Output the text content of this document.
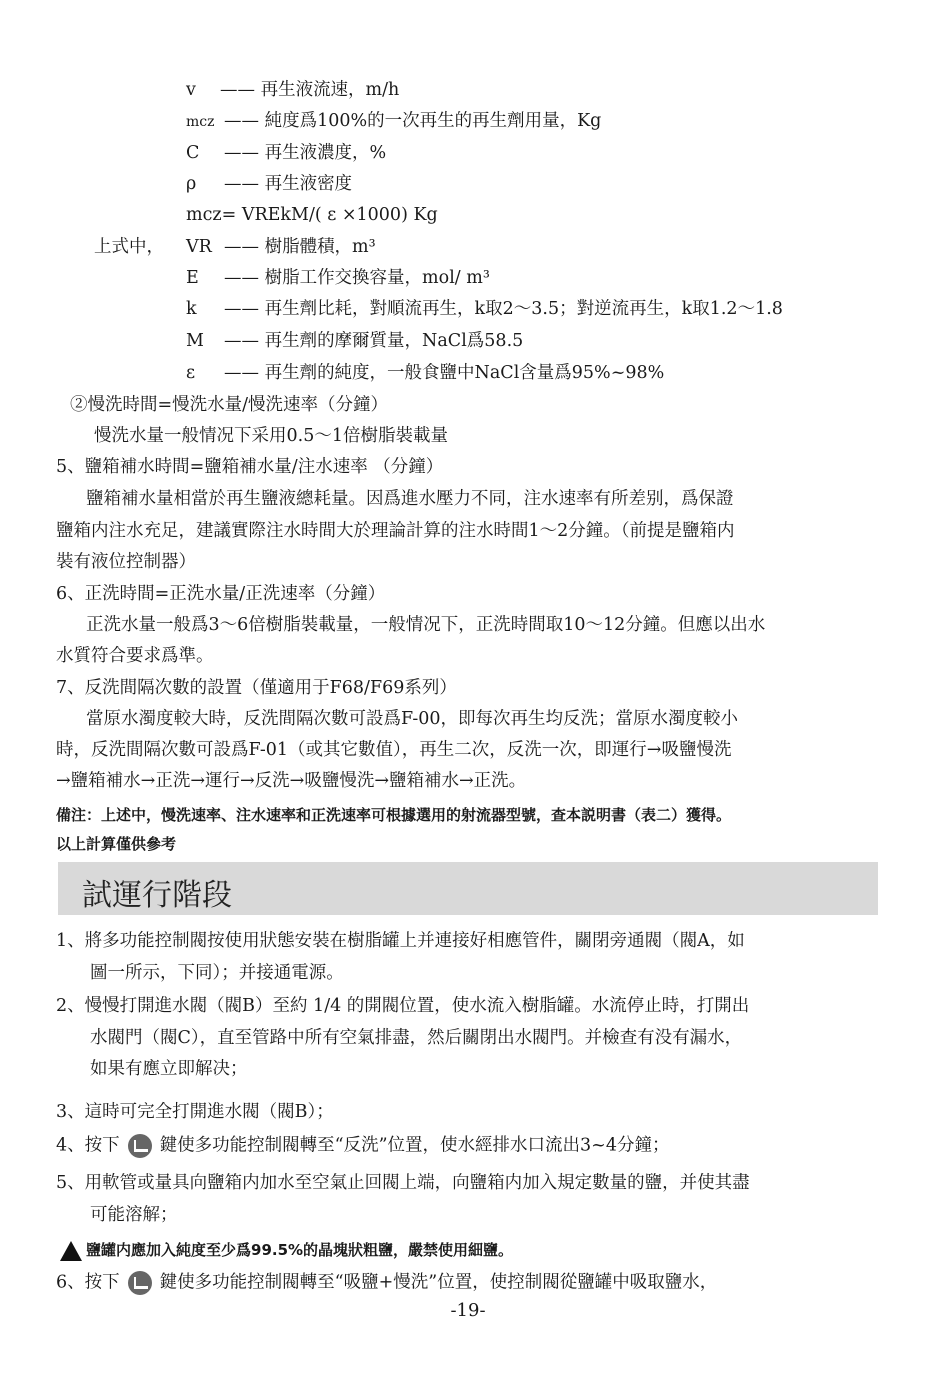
v —— 再生液流速，m/h
mcz —— 純度爲100%的一次再生的再生劑用量，Kg
C —— 再生液濃度，%
ρ —— 再生液密度
mcz= VREkM/( ε ×1000) Kg
上式中， VR —— 樹脂體積，m³
E —— 樹脂工作交換容量，mol/ m³
k —— 再生劑比耗，對順流再生，k取2～3.5；對逆流再生，k取1.2～1.8
M —— 再生劑的摩爾質量，NaCl爲58.5
ε —— 再生劑的純度，一般食鹽中NaCl含量爲95%~98%
②慢洗時間=慢洗水量/慢洗速率（分鐘）
慢洗水量一般情况下采用0.5～1倍樹脂裝載量
5、鹽箱補水時間=鹽箱補水量/注水速率 （分鐘）
鹽箱補水量相當於再生鹽液總耗量。因爲進水壓力不同，注水速率有所差别，爲保證
鹽箱内注水充足，建議實際注水時間大於理論計算的注水時間1～2分鐘。（前提是鹽箱内
裝有液位控制器）
6、正洗時間=正洗水量/正洗速率（分鐘）
正洗水量一般爲3～6倍樹脂裝載量，一般情况下，正洗時間取10～12分鐘。但應以出水
水質符合要求爲準。
7、反洗間隔次數的設置（僅適用于F68/F69系列）
當原水濁度較大時，反洗間隔次數可設爲F-00，即每次再生均反洗；當原水濁度較小
時，反洗間隔次數可設爲F-01（或其它數值），再生二次，反洗一次，即運行→吸鹽慢洗
→鹽箱補水→正洗→運行→反洗→吸鹽慢洗→鹽箱補水→正洗。
備注：上述中，慢洗速率、注水速率和正洗速率可根據選用的射流器型號，查本説明書（表二）獲得。
以上計算僅供參考
試運行階段
1、將多功能控制閥按使用狀態安裝在樹脂罐上并連接好相應管件，關閉旁通閥（閥A，如
圖一所示，下同）；并接通電源。
2、慢慢打開進水閥（閥B）至約 1/4 的開閥位置，使水流入樹脂罐。水流停止時，打開出
水閥門（閥C），直至管路中所有空氣排盡，然后關閉出水閥門。并檢查有没有漏水，
如果有應立即解决；
3、這時可完全打開進水閥（閥B）；
4、按下 鍵使多功能控制閥轉至“反洗”位置，使水經排水口流出3~4分鐘；
5、用軟管或量具向鹽箱内加水至空氣止回閥上端，向鹽箱内加入規定數量的鹽，并使其盡
可能溶解；
鹽罐内應加入純度至少爲99.5%的晶塊狀粗鹽，嚴禁使用細鹽。
6、按下 鍵使多功能控制閥轉至“吸鹽+慢洗”位置，使控制閥從鹽罐中吸取鹽水，
-19-
